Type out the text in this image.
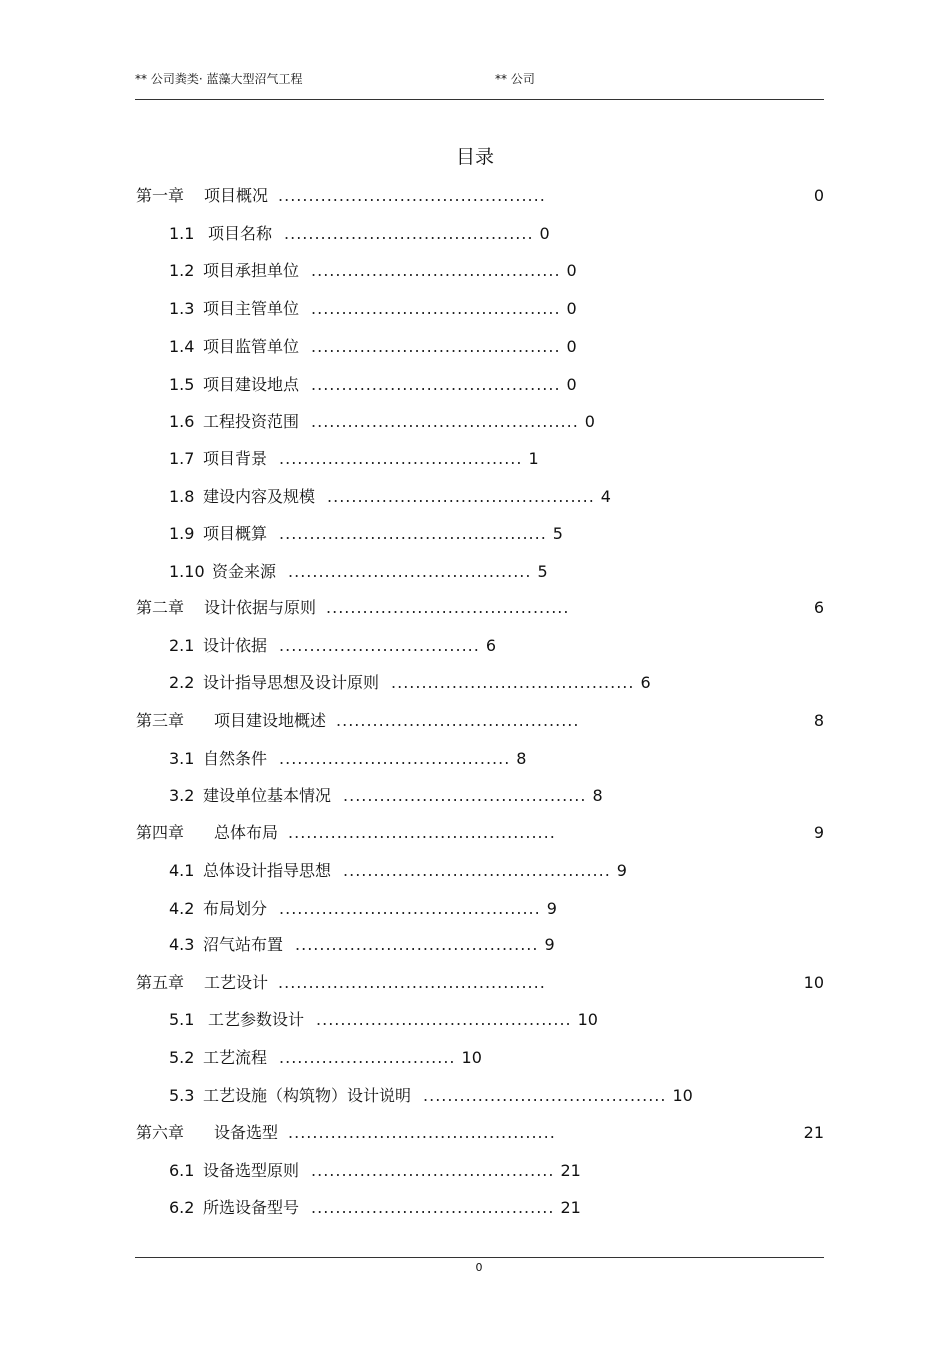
** 公司粪类· 蓝藻大型沼气工程	** 公司
目录
第一章 项目概况 ............................................	0
1.1 项目名称 ......................................... 0
1.2 项目承担单位 ......................................... 0
1.3 项目主管单位 ......................................... 0
1.4 项目监管单位 ......................................... 0
1.5 项目建设地点 ......................................... 0
1.6 工程投资范围 ............................................ 0
1.7 项目背景 ........................................ 1
1.8 建设内容及规模 ............................................ 4
1.9 项目概算 ............................................ 5
1.10 资金来源 ........................................ 5
第二章 设计依据与原则 ........................................	6
2.1 设计依据 ................................. 6
2.2 设计指导思想及设计原则 ........................................ 6
第三章 项目建设地概述 ........................................	8
3.1 自然条件 ...................................... 8
3.2 建设单位基本情况 ........................................ 8
第四章 总体布局 ............................................	9
4.1 总体设计指导思想 ............................................ 9
4.2 布局划分 ........................................... 9
4.3 沼气站布置 ........................................ 9
第五章 工艺设计 ............................................	10
5.1 工艺参数设计 .......................................... 10
5.2 工艺流程 ............................. 10
5.3 工艺设施（构筑物）设计说明 ........................................ 10
第六章 设备选型 ............................................	21
6.1 设备选型原则 ........................................ 21
6.2 所选设备型号 ........................................ 21
0
